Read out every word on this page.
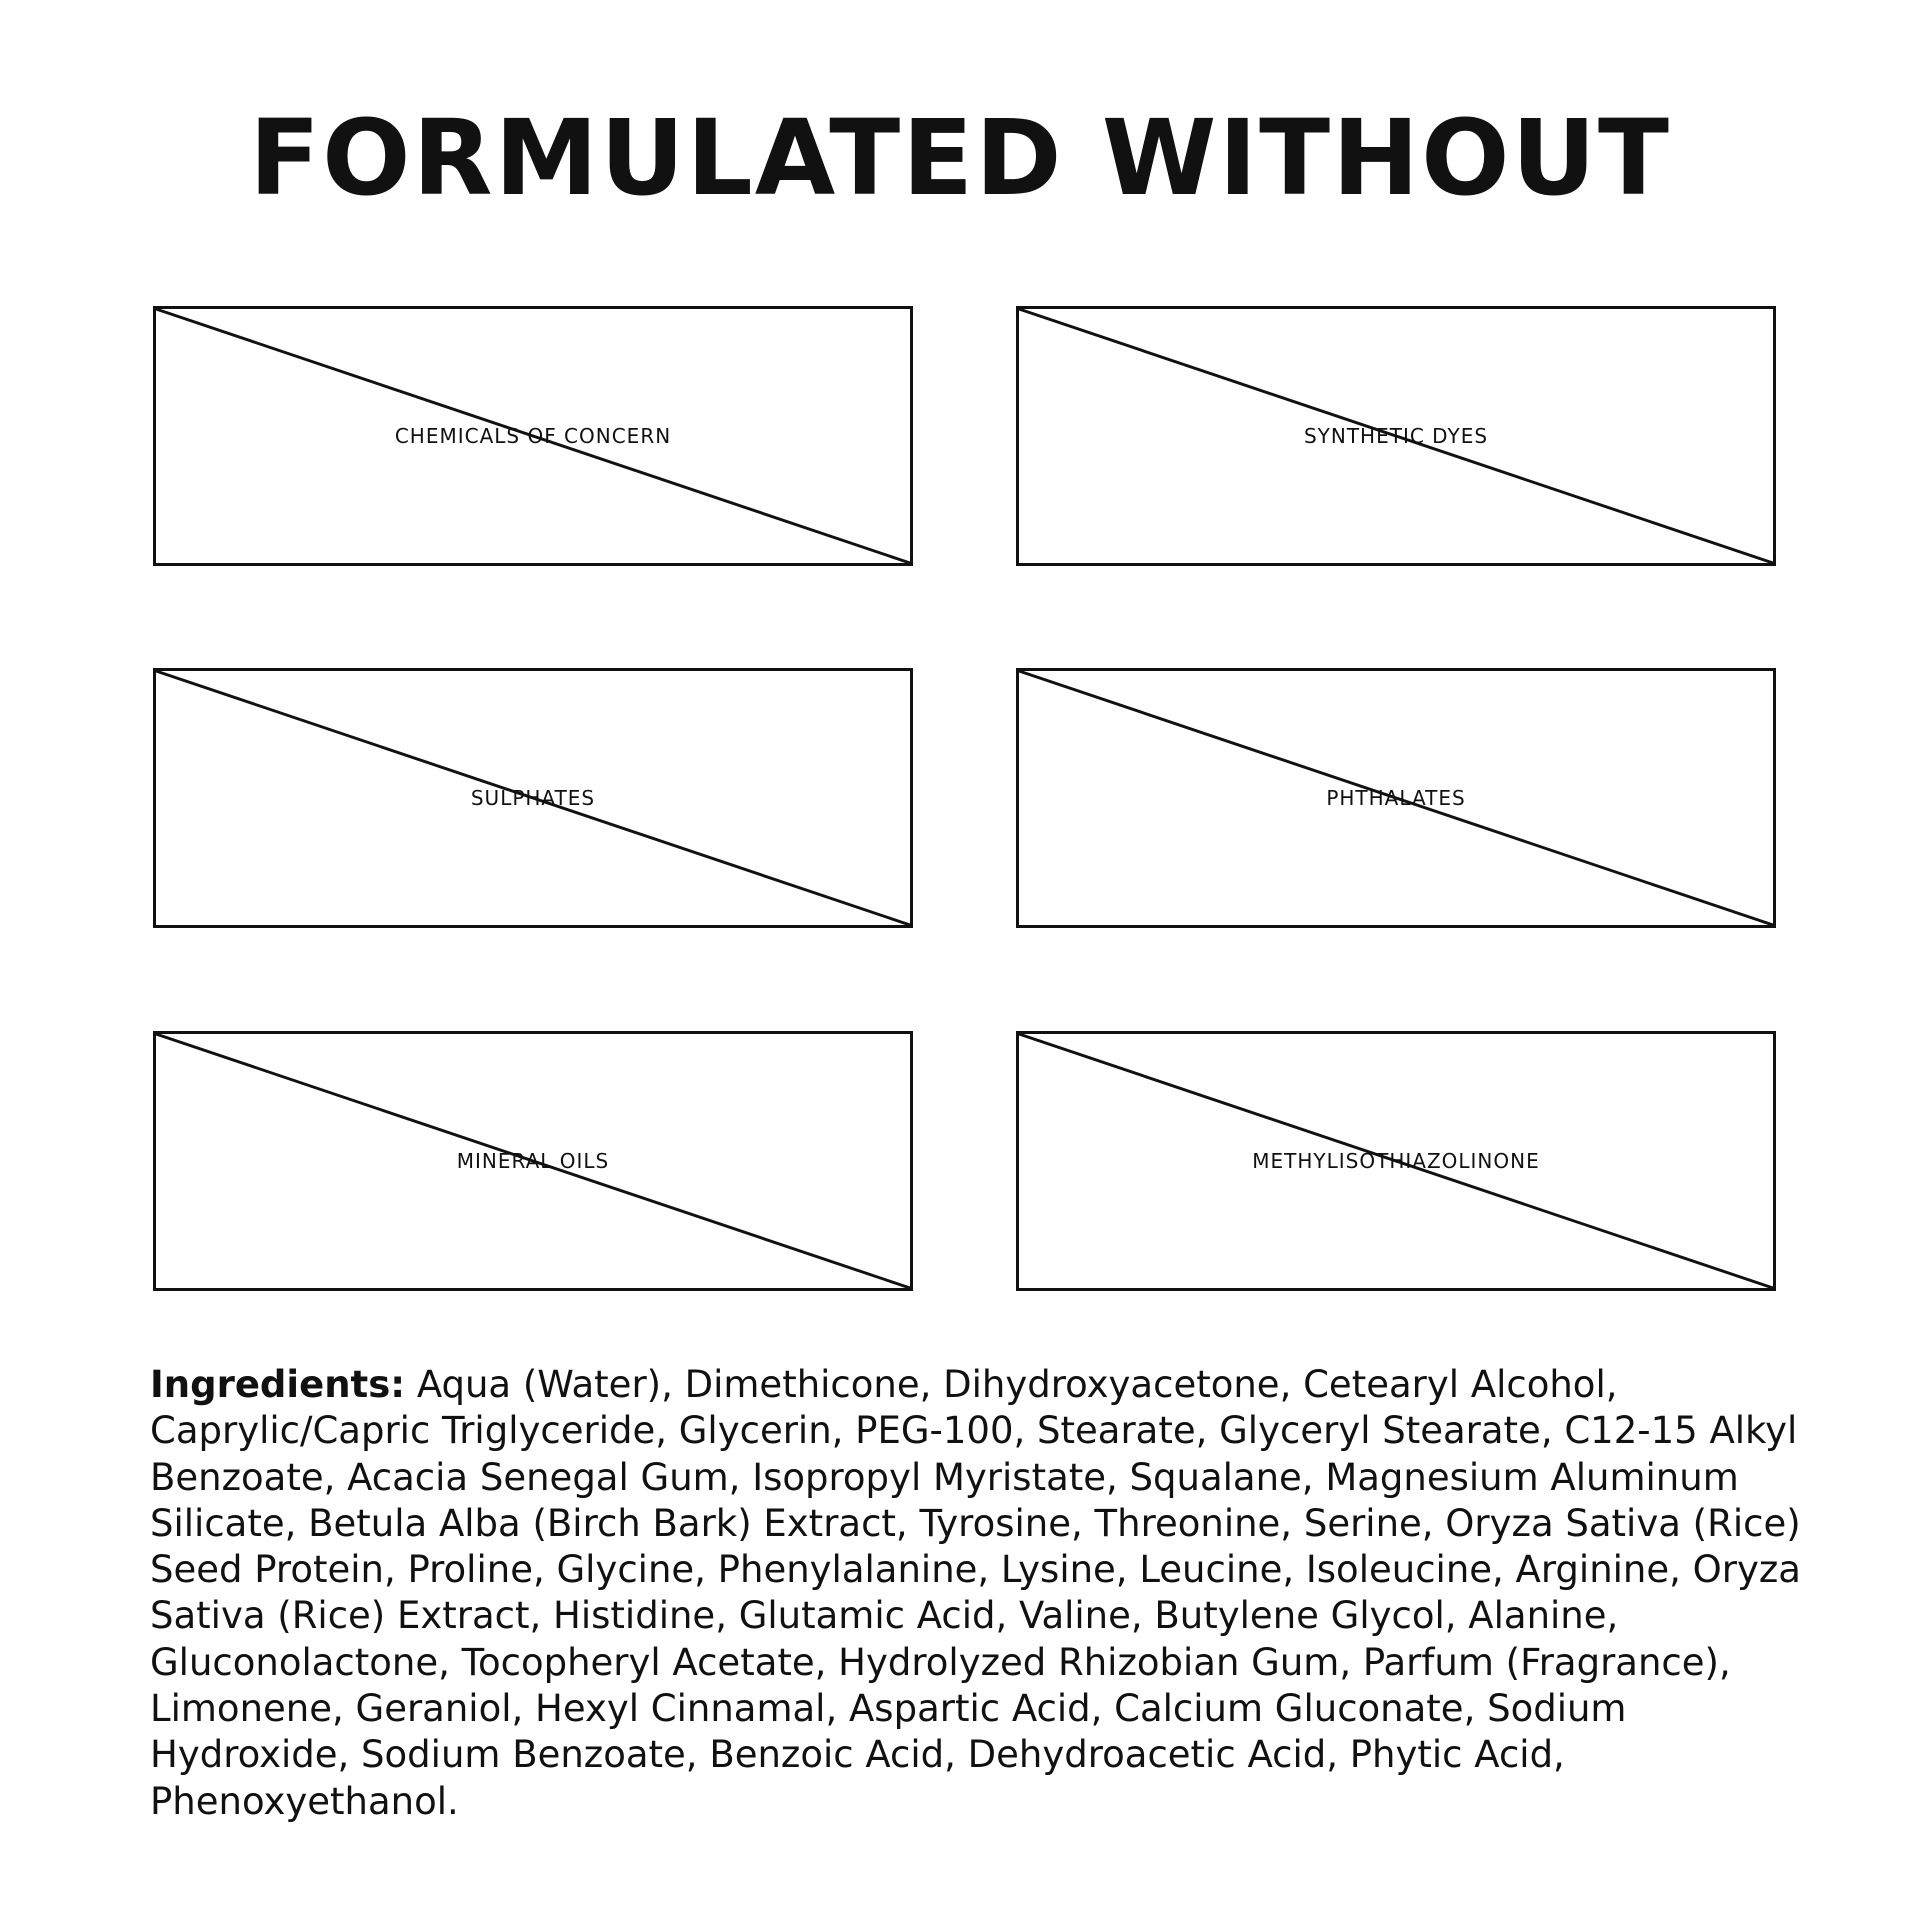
FORMULATED WITHOUT
CHEMICALS OF CONCERN	SYNTHETIC DYES
SULPHATES	PHTHALATES
MINERAL OILS	METHYLISOTHIAZOLINONE

Ingredients: Aqua (Water), Dimethicone, Dihydroxyacetone, Cetearyl Alcohol, Caprylic/Capric Triglyceride, Glycerin, PEG-100, Stearate, Glyceryl Stearate, C12-15 Alkyl Benzoate, Acacia Senegal Gum, Isopropyl Myristate, Squalane, Magnesium Aluminum Silicate, Betula Alba (Birch Bark) Extract, Tyrosine, Threonine, Serine, Oryza Sativa (Rice) Seed Protein, Proline, Glycine, Phenylalanine, Lysine, Leucine, Isoleucine, Arginine, Oryza Sativa (Rice) Extract, Histidine, Glutamic Acid, Valine, Butylene Glycol, Alanine, Gluconolactone, Tocopheryl Acetate, Hydrolyzed Rhizobian Gum, Parfum (Fragrance), Limonene, Geraniol, Hexyl Cinnamal, Aspartic Acid, Calcium Gluconate, Sodium Hydroxide, Sodium Benzoate, Benzoic Acid, Dehydroacetic Acid, Phytic Acid, Phenoxyethanol.
